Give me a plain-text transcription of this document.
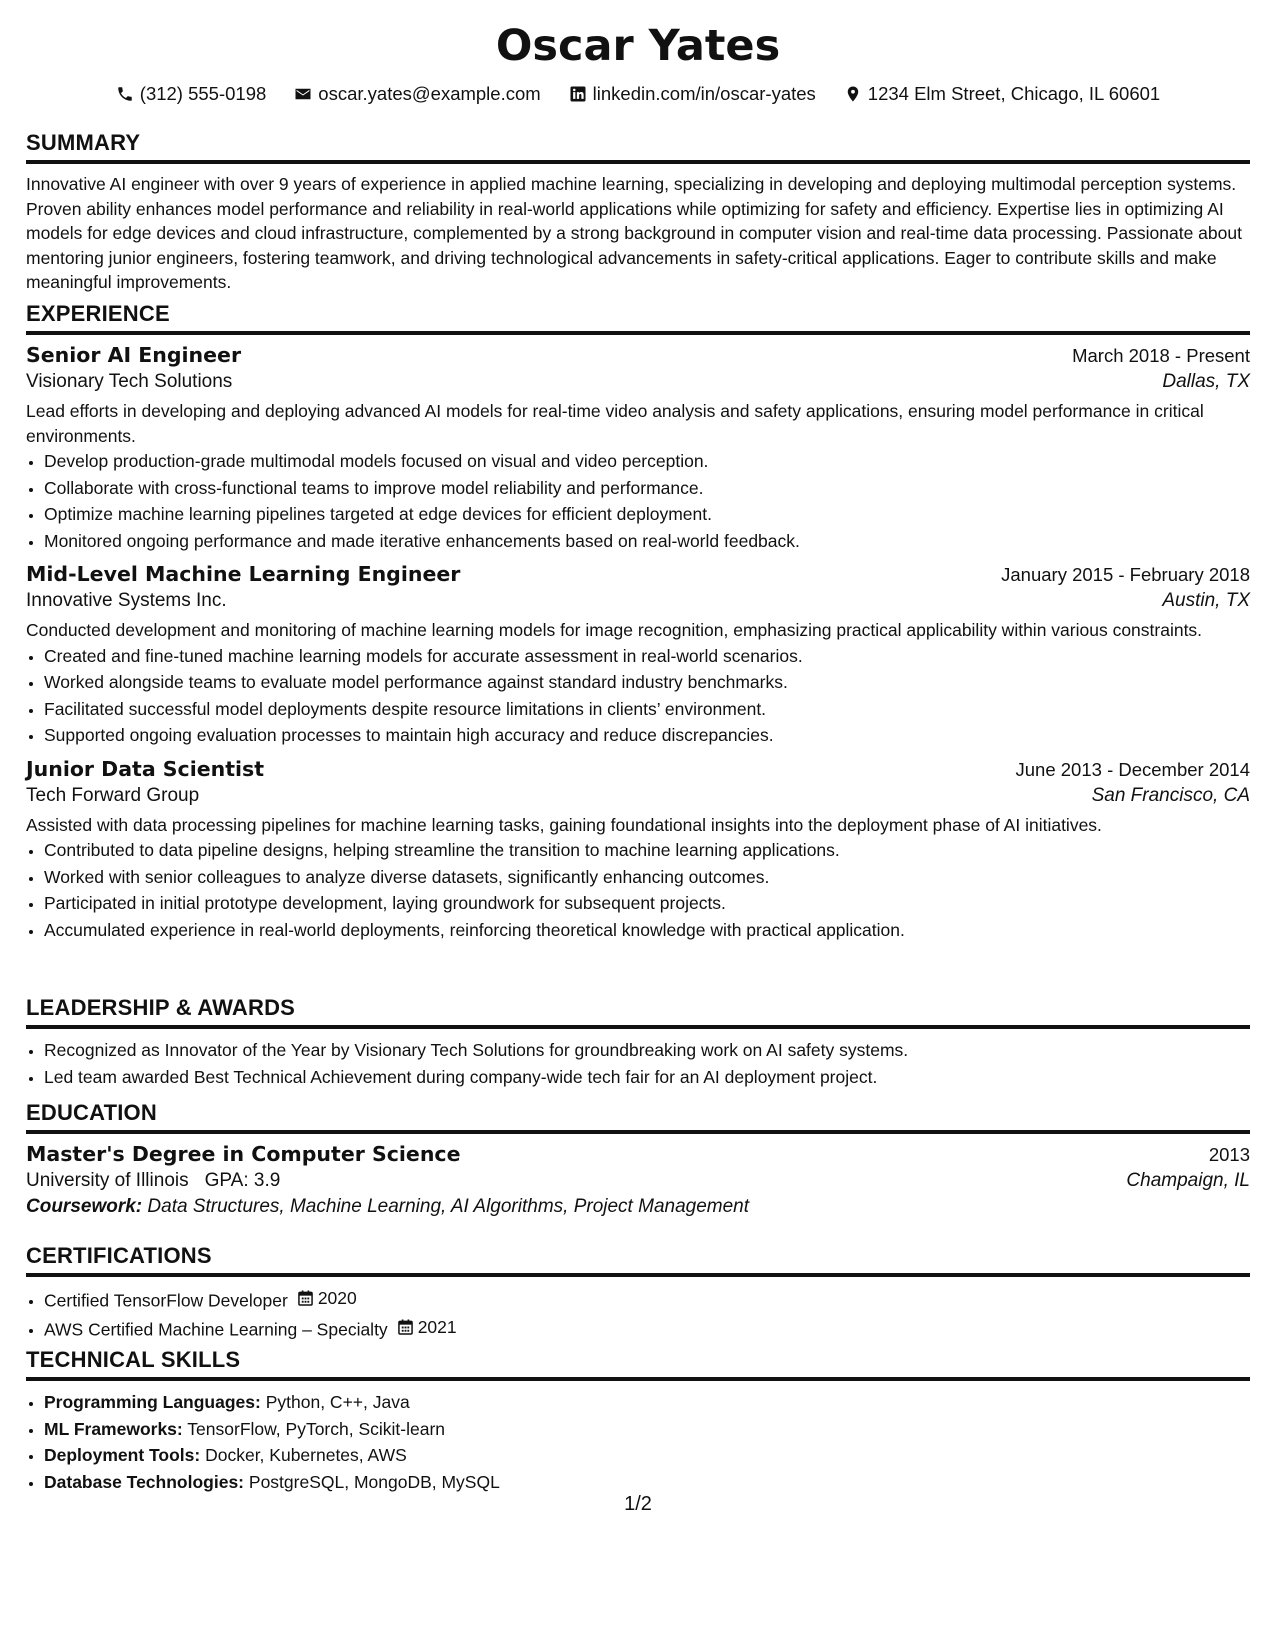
Oscar Yates
(312) 555-0198	oscar.yates@example.com	linkedin.com/in/oscar-yates	1234 Elm Street, Chicago, IL 60601
SUMMARY
Innovative AI engineer with over 9 years of experience in applied machine learning, specializing in developing and deploying multimodal perception systems. Proven ability enhances model performance and reliability in real-world applications while optimizing for safety and efficiency. Expertise lies in optimizing AI models for edge devices and cloud infrastructure, complemented by a strong background in computer vision and real-time data processing. Passionate about mentoring junior engineers, fostering teamwork, and driving technological advancements in safety-critical applications. Eager to contribute skills and make meaningful improvements.
EXPERIENCE
Senior AI Engineer	March 2018 - Present
Visionary Tech Solutions	Dallas, TX
Lead efforts in developing and deploying advanced AI models for real-time video analysis and safety applications, ensuring model performance in critical environments.
• Develop production-grade multimodal models focused on visual and video perception.
• Collaborate with cross-functional teams to improve model reliability and performance.
• Optimize machine learning pipelines targeted at edge devices for efficient deployment.
• Monitored ongoing performance and made iterative enhancements based on real-world feedback.
Mid-Level Machine Learning Engineer	January 2015 - February 2018
Innovative Systems Inc.	Austin, TX
Conducted development and monitoring of machine learning models for image recognition, emphasizing practical applicability within various constraints.
• Created and fine-tuned machine learning models for accurate assessment in real-world scenarios.
• Worked alongside teams to evaluate model performance against standard industry benchmarks.
• Facilitated successful model deployments despite resource limitations in clients’ environment.
• Supported ongoing evaluation processes to maintain high accuracy and reduce discrepancies.
Junior Data Scientist	June 2013 - December 2014
Tech Forward Group	San Francisco, CA
Assisted with data processing pipelines for machine learning tasks, gaining foundational insights into the deployment phase of AI initiatives.
• Contributed to data pipeline designs, helping streamline the transition to machine learning applications.
• Worked with senior colleagues to analyze diverse datasets, significantly enhancing outcomes.
• Participated in initial prototype development, laying groundwork for subsequent projects.
• Accumulated experience in real-world deployments, reinforcing theoretical knowledge with practical application.
LEADERSHIP & AWARDS
• Recognized as Innovator of the Year by Visionary Tech Solutions for groundbreaking work on AI safety systems.
• Led team awarded Best Technical Achievement during company-wide tech fair for an AI deployment project.
EDUCATION
Master's Degree in Computer Science	2013
University of Illinois GPA: 3.9	Champaign, IL
Coursework: Data Structures, Machine Learning, AI Algorithms, Project Management
CERTIFICATIONS
• Certified TensorFlow Developer 2020
• AWS Certified Machine Learning – Specialty 2021
TECHNICAL SKILLS
• Programming Languages: Python, C++, Java
• ML Frameworks: TensorFlow, PyTorch, Scikit-learn
• Deployment Tools: Docker, Kubernetes, AWS
• Database Technologies: PostgreSQL, MongoDB, MySQL
1/2
